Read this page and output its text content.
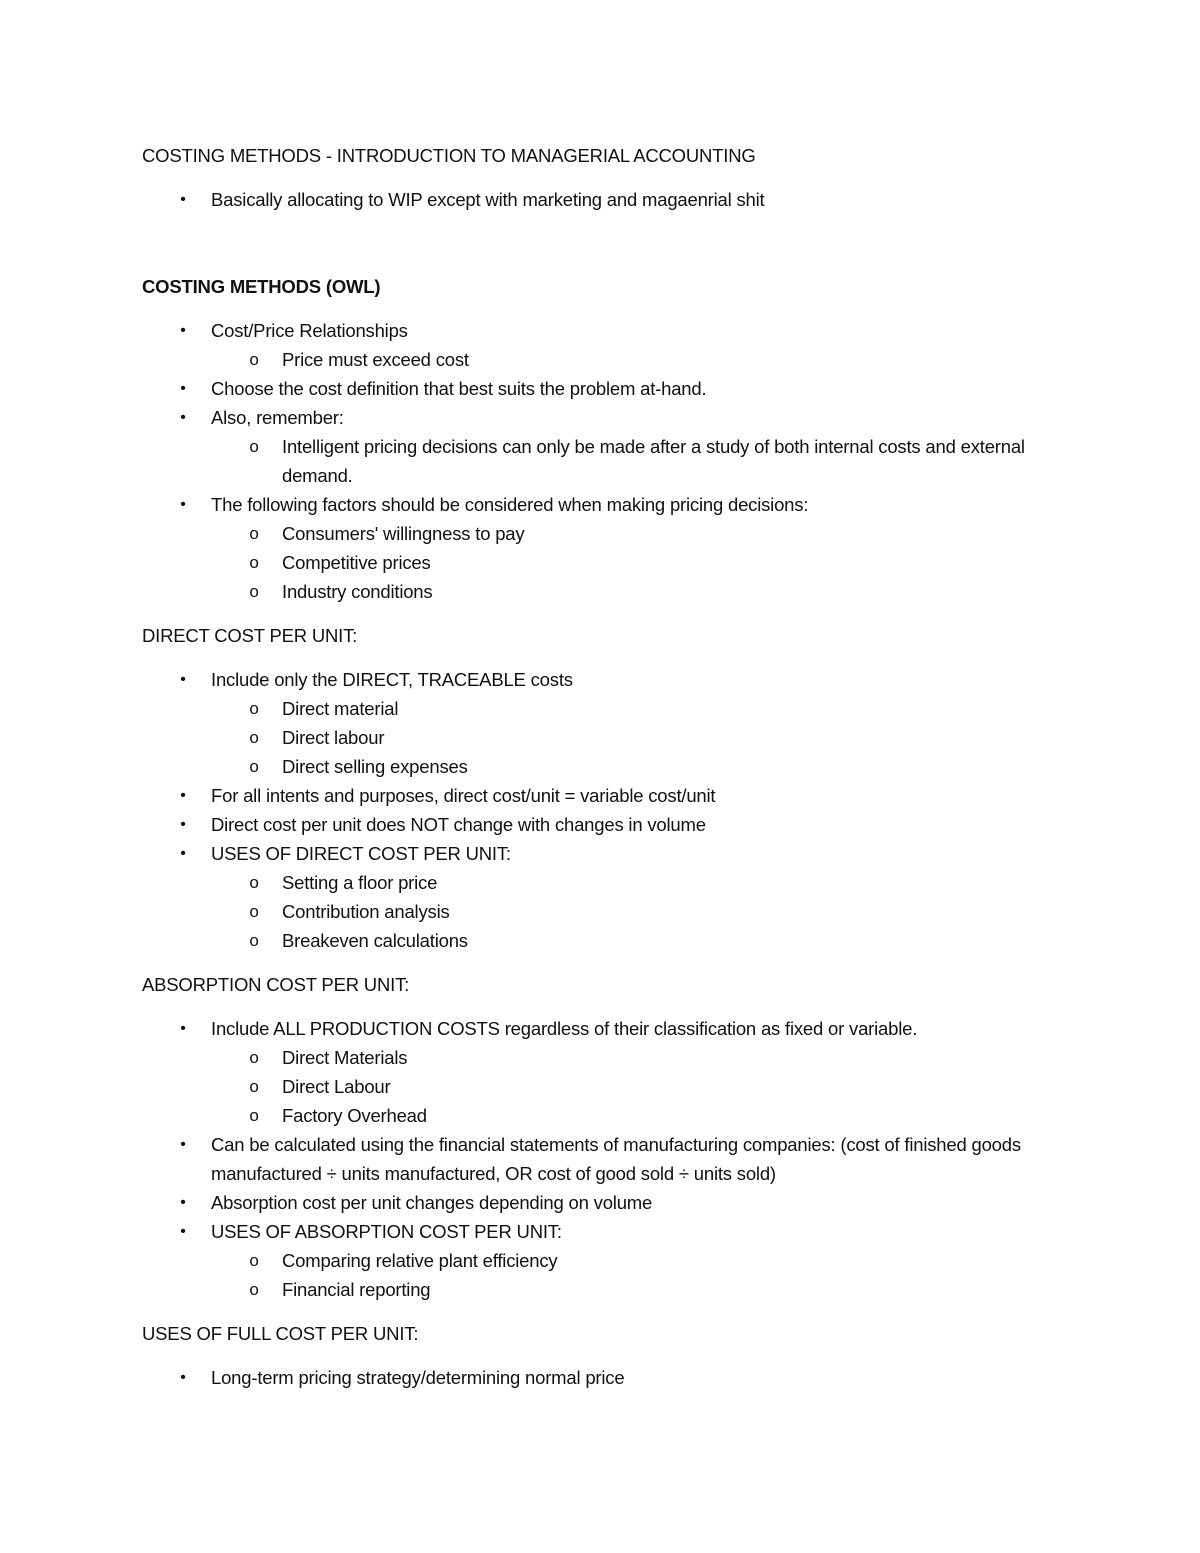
COSTING METHODS - INTRODUCTION TO MANAGERIAL ACCOUNTING
•	Basically allocating to WIP except with marketing and magaenrial shit
COSTING METHODS (OWL)
•	Cost/Price Relationships
o Price must exceed cost
•	Choose the cost definition that best suits the problem at-hand.
•	Also, remember:
o Intelligent pricing decisions can only be made after a study of both internal costs and external demand.
•	The following factors should be considered when making pricing decisions:
o Consumers' willingness to pay
o Competitive prices
o Industry conditions
DIRECT COST PER UNIT:
•	Include only the DIRECT, TRACEABLE costs
o Direct material
o Direct labour
o Direct selling expenses
•	For all intents and purposes, direct cost/unit = variable cost/unit
•	Direct cost per unit does NOT change with changes in volume
•	USES OF DIRECT COST PER UNIT:
o Setting a floor price
o Contribution analysis
o Breakeven calculations
ABSORPTION COST PER UNIT:
•	Include ALL PRODUCTION COSTS regardless of their classification as fixed or variable.
o Direct Materials
o Direct Labour
o Factory Overhead
•	Can be calculated using the financial statements of manufacturing companies: (cost of finished goods manufactured ÷ units manufactured, OR cost of good sold ÷ units sold)
•	Absorption cost per unit changes depending on volume
•	USES OF ABSORPTION COST PER UNIT:
o Comparing relative plant efficiency
o Financial reporting
USES OF FULL COST PER UNIT:
•	Long-term pricing strategy/determining normal price
